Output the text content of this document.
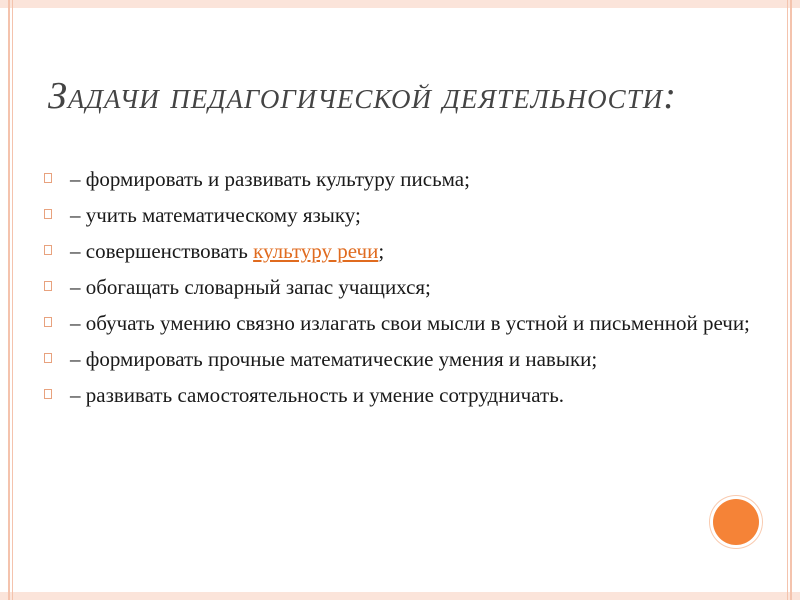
Задачи педагогической деятельности:
– формировать и развивать культуру письма;
– учить математическому языку;
– совершенствовать культуру речи;
– обогащать словарный запас учащихся;
– обучать умению связно излагать свои мысли в устной и письменной речи;
– формировать прочные математические умения и навыки;
– развивать самостоятельность и умение сотрудничать.
